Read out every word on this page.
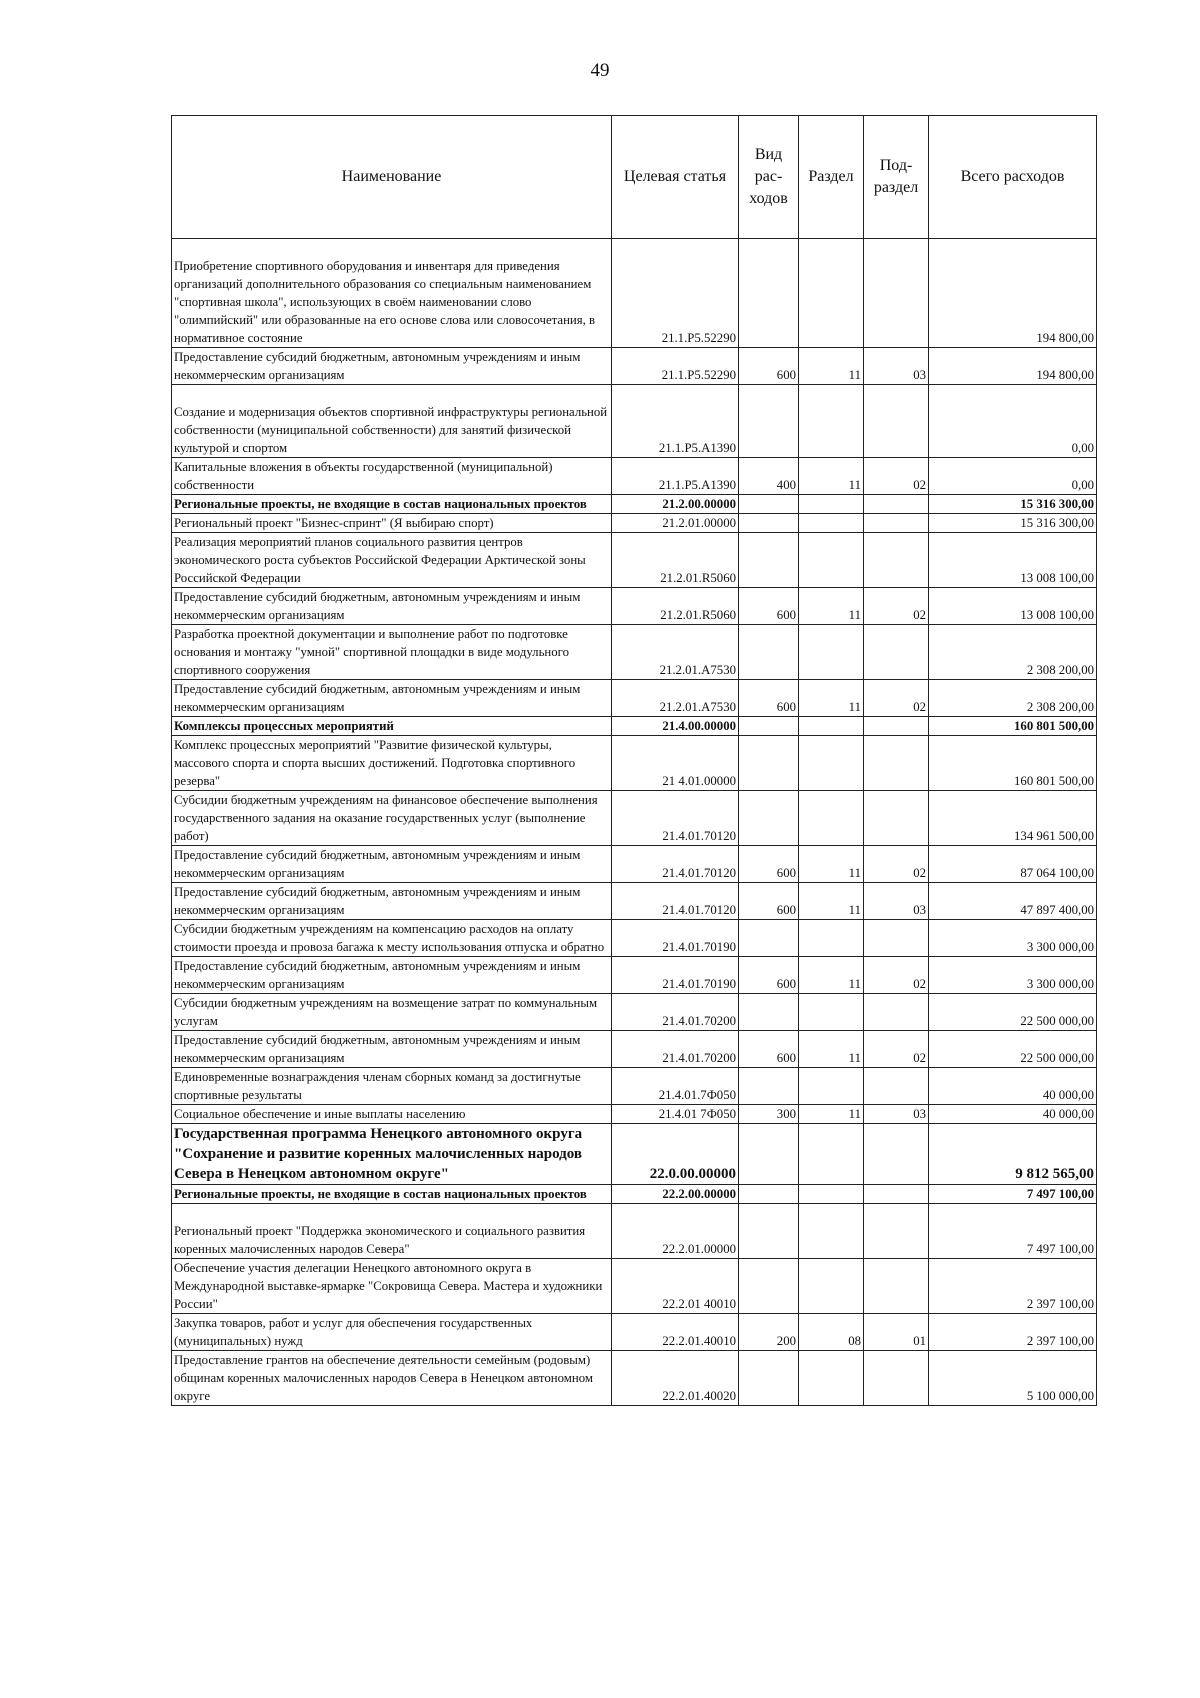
49
Наименование	Целевая статья	Вид рас- ходов	Раздел	Под- раздел	Всего расходов

Приобретение спортивного оборудования и инвентаря для приведения организаций дополнительного образования со специальным наименованием "спортивная школа", использующих в своём наименовании слово "олимпийский" или образованные на его основе слова или словосочетания, в нормативное состояние	21.1.P5.52290				194 800,00
Предоставление субсидий бюджетным, автономным учреждениям и иным некоммерческим организациям	21.1.P5.52290	600	11	03	194 800,00

Создание и модернизация объектов спортивной инфраструктуры региональной собственности (муниципальной собственности) для занятий физической культурой и спортом	21.1.P5.A1390				0,00
Капитальные вложения в объекты государственной (муниципальной) собственности	21.1.P5.A1390	400	11	02	0,00
Региональные проекты, не входящие в состав национальных проектов	21.2.00.00000				15 316 300,00
Региональный проект "Бизнес-спринт" (Я выбираю спорт)	21.2.01.00000				15 316 300,00
Реализация мероприятий планов социального развития центров экономического роста субъектов Российской Федерации Арктической зоны Российской Федерации	21.2.01.R5060				13 008 100,00
Предоставление субсидий бюджетным, автономным учреждениям и иным некоммерческим организациям	21.2.01.R5060	600	11	02	13 008 100,00
Разработка проектной документации и выполнение работ по подготовке основания и монтажу "умной" спортивной площадки в виде модульного спортивного сооружения	21.2.01.A7530				2 308 200,00
Предоставление субсидий бюджетным, автономным учреждениям и иным некоммерческим организациям	21.2.01.A7530	600	11	02	2 308 200,00
Комплексы процессных мероприятий	21.4.00.00000				160 801 500,00
Комплекс процессных мероприятий "Развитие физической культуры, массового спорта и спорта высших достижений. Подготовка спортивного резерва"	21 4.01.00000				160 801 500,00
Субсидии бюджетным учреждениям на финансовое обеспечение выполнения государственного задания на оказание государственных услуг (выполнение работ)	21.4.01.70120				134 961 500,00
Предоставление субсидий бюджетным, автономным учреждениям и иным некоммерческим организациям	21.4.01.70120	600	11	02	87 064 100,00
Предоставление субсидий бюджетным, автономным учреждениям и иным некоммерческим организациям	21.4.01.70120	600	11	03	47 897 400,00
Субсидии бюджетным учреждениям на компенсацию расходов на оплату стоимости проезда и провоза багажа к месту использования отпуска и обратно	21.4.01.70190				3 300 000,00
Предоставление субсидий бюджетным, автономным учреждениям и иным некоммерческим организациям	21.4.01.70190	600	11	02	3 300 000,00
Субсидии бюджетным учреждениям на возмещение затрат по коммунальным услугам	21.4.01.70200				22 500 000,00
Предоставление субсидий бюджетным, автономным учреждениям и иным некоммерческим организациям	21.4.01.70200	600	11	02	22 500 000,00
Единовременные вознаграждения членам сборных команд за достигнутые спортивные результаты	21.4.01.7Ф050				40 000,00
Социальное обеспечение и иные выплаты населению	21.4.01 7Ф050	300	11	03	40 000,00
Государственная программа Ненецкого автономного округа "Сохранение и развитие коренных малочисленных народов Севера в Ненецком автономном округе"	22.0.00.00000				9 812 565,00
Региональные проекты, не входящие в состав национальных проектов	22.2.00.00000				7 497 100,00

Региональный проект "Поддержка экономического и социального развития коренных малочисленных народов Севера"	22.2.01.00000				7 497 100,00
Обеспечение участия делегации Ненецкого автономного округа в Международной выставке-ярмарке "Сокровища Севера. Мастера и художники России"	22.2.01 40010				2 397 100,00
Закупка товаров, работ и услуг для обеспечения государственных (муниципальных) нужд	22.2.01.40010	200	08	01	2 397 100,00
Предоставление грантов на обеспечение деятельности семейным (родовым) общинам коренных малочисленных народов Севера в Ненецком автономном округе	22.2.01.40020				5 100 000,00
